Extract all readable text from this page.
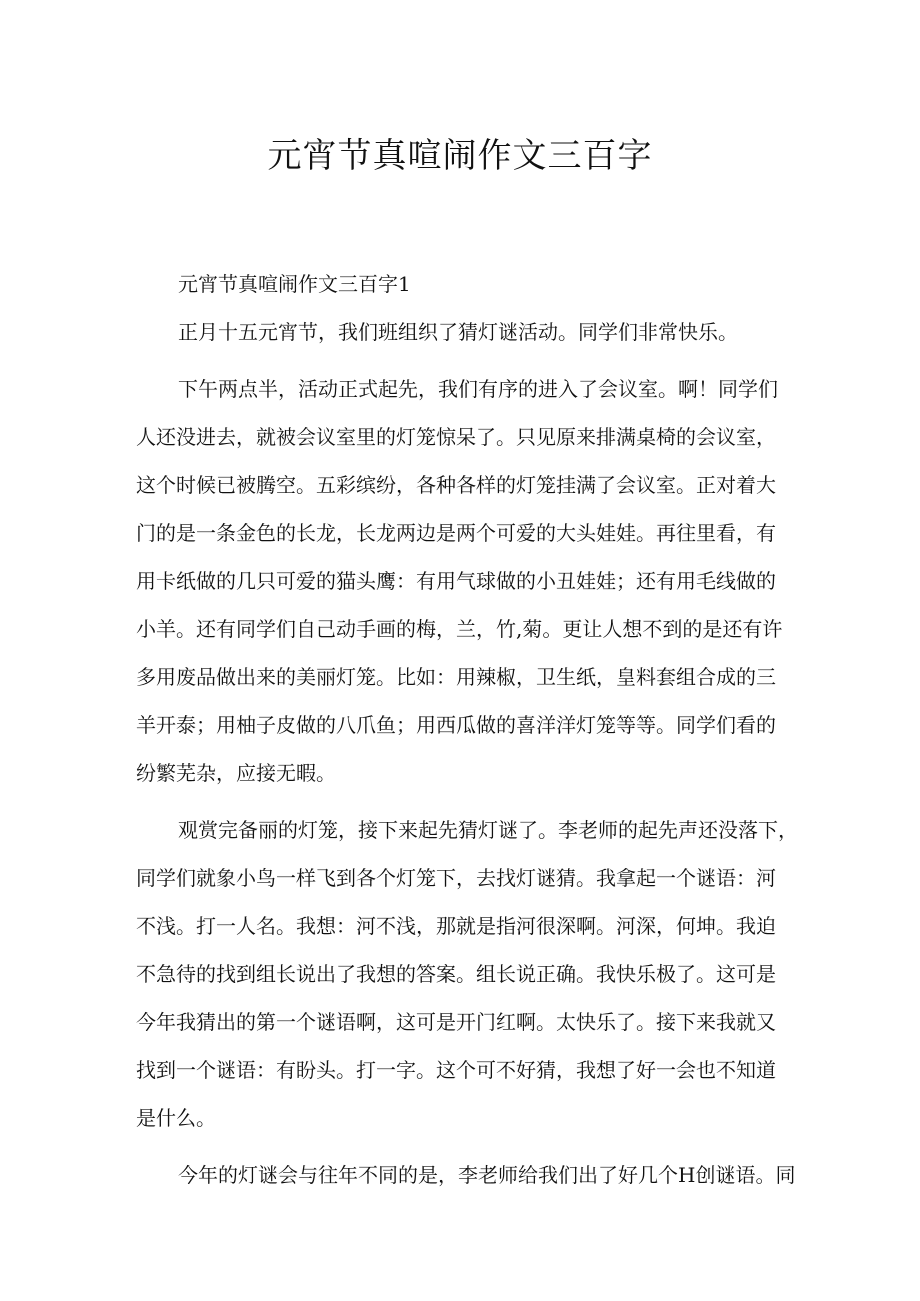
元宵节真喧闹作文三百字
元宵节真喧闹作文三百字1
正月十五元宵节，我们班组织了猜灯谜活动。同学们非常快乐。
下午两点半，活动正式起先，我们有序的进入了会议室。啊！同学们
人还没进去，就被会议室里的灯笼惊呆了。只见原来排满桌椅的会议室，
这个时候已被腾空。五彩缤纷，各种各样的灯笼挂满了会议室。正对着大
门的是一条金色的长龙，长龙两边是两个可爱的大头娃娃。再往里看，有
用卡纸做的几只可爱的猫头鹰：有用气球做的小丑娃娃；还有用毛线做的
小羊。还有同学们自己动手画的梅，兰，竹,菊。更让人想不到的是还有许
多用废品做出来的美丽灯笼。比如：用辣椒，卫生纸，皇料套组合成的三
羊开泰；用柚子皮做的八爪鱼；用西瓜做的喜洋洋灯笼等等。同学们看的
纷繁芜杂，应接无暇。
观赏完备丽的灯笼，接下来起先猜灯谜了。李老师的起先声还没落下，
同学们就象小鸟一样飞到各个灯笼下，去找灯谜猜。我拿起一个谜语：河
不浅。打一人名。我想：河不浅，那就是指河很深啊。河深，何坤。我迫
不急待的找到组长说出了我想的答案。组长说正确。我快乐极了。这可是
今年我猜出的第一个谜语啊，这可是开门红啊。太快乐了。接下来我就又
找到一个谜语：有盼头。打一字。这个可不好猜，我想了好一会也不知道
是什么。
今年的灯谜会与往年不同的是，李老师给我们出了好几个H创谜语。同
